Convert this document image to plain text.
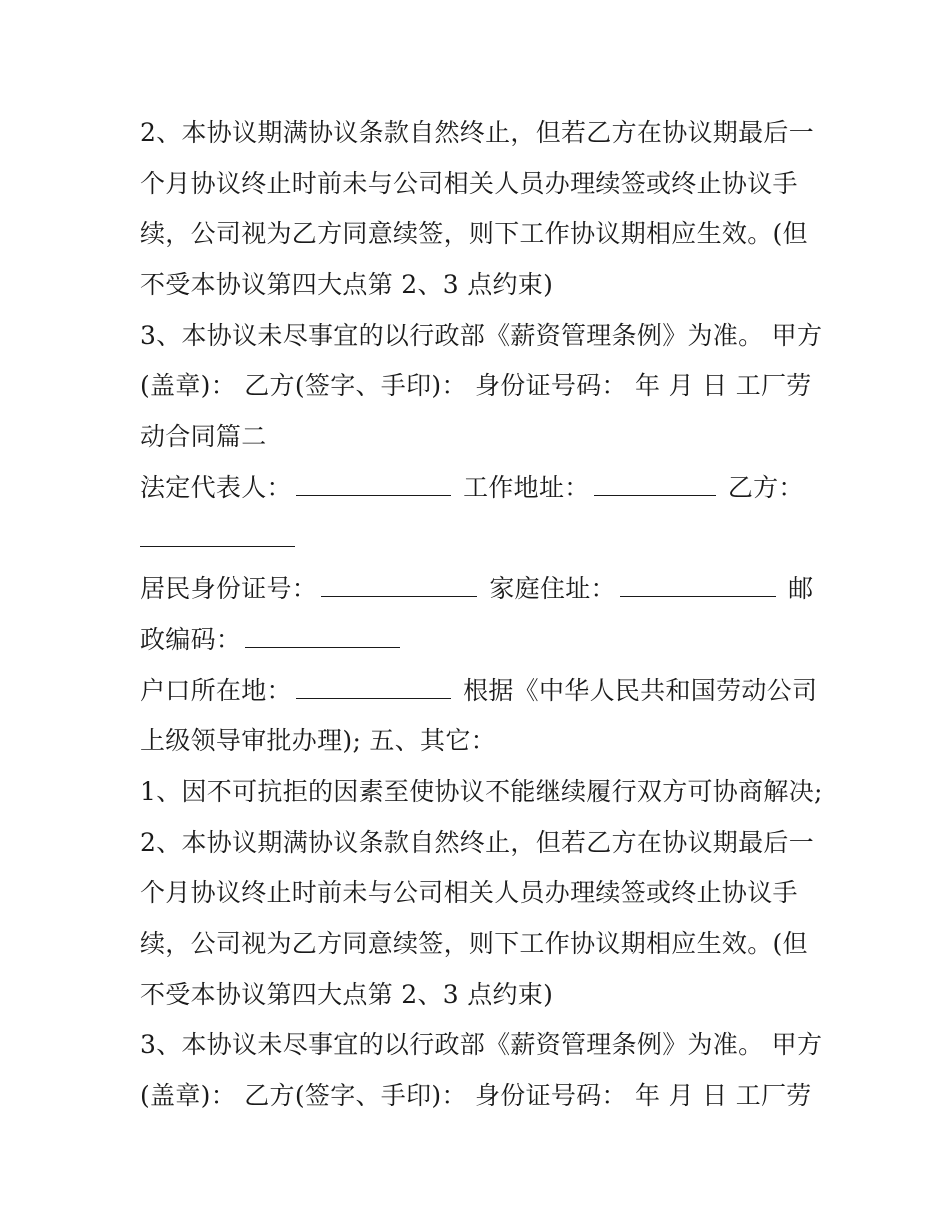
2、本协议期满协议条款自然终止，但若乙方在协议期最后一
个月协议终止时前未与公司相关人员办理续签或终止协议手
续，公司视为乙方同意续签，则下工作协议期相应生效。(但
不受本协议第四大点第 2、3 点约束)
3、本协议未尽事宜的以行政部《薪资管理条例》为准。 甲方
(盖章)： 乙方(签字、手印)： 身份证号码： 年 月 日 工厂劳
动合同篇二
法定代表人：	工作地址：	乙方：
居民身份证号：	家庭住址：	邮
政编码：
户口所在地：	根据《中华人民共和国劳动公司
上级领导审批办理); 五、其它：
1、因不可抗拒的因素至使协议不能继续履行双方可协商解决;
2、本协议期满协议条款自然终止，但若乙方在协议期最后一
个月协议终止时前未与公司相关人员办理续签或终止协议手
续，公司视为乙方同意续签，则下工作协议期相应生效。(但
不受本协议第四大点第 2、3 点约束)
3、本协议未尽事宜的以行政部《薪资管理条例》为准。 甲方
(盖章)： 乙方(签字、手印)： 身份证号码： 年 月 日 工厂劳
